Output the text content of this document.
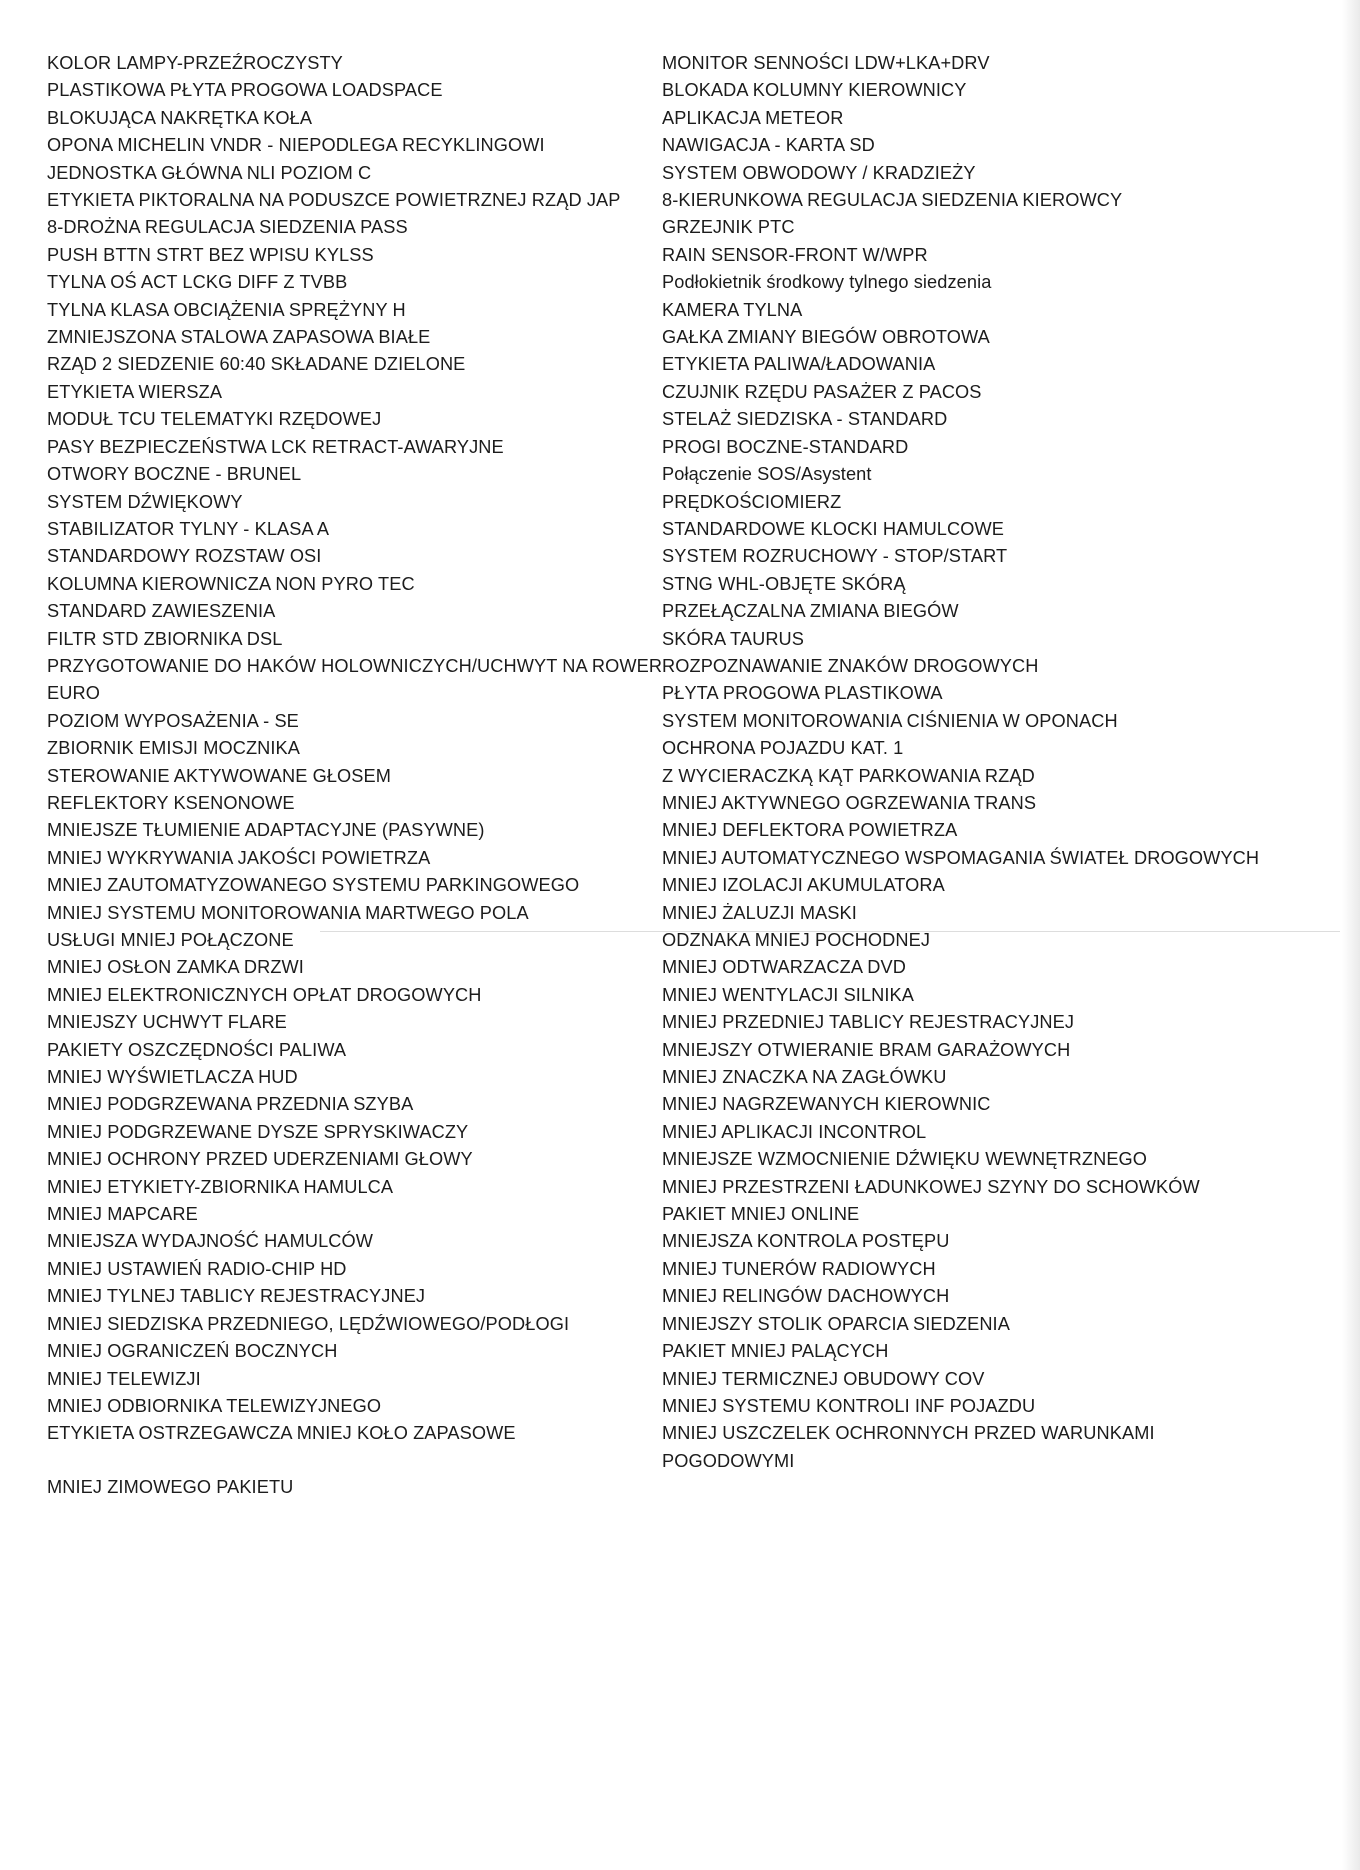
KOLOR LAMPY-PRZEŹROCZYSTY
PLASTIKOWA PŁYTA PROGOWA LOADSPACE
BLOKUJĄCA NAKRĘTKA KOŁA
OPONA MICHELIN VNDR - NIEPODLEGA RECYKLINGOWI
JEDNOSTKA GŁÓWNA NLI POZIOM C
ETYKIETA PIKTORALNA NA PODUSZCE POWIETRZNEJ RZĄD JAP
8-DROŻNA REGULACJA SIEDZENIA PASS
PUSH BTTN STRT BEZ WPISU KYLSS
TYLNA OŚ ACT LCKG DIFF Z TVBB
TYLNA KLASA OBCIĄŻENIA SPRĘŻYNY H
ZMNIEJSZONA STALOWA ZAPASOWA BIAŁE
RZĄD 2 SIEDZENIE 60:40 SKŁADANE DZIELONE
ETYKIETA WIERSZA
MODUŁ TCU TELEMATYKI RZĘDOWEJ
PASY BEZPIECZEŃSTWA LCK RETRACT-AWARYJNE
OTWORY BOCZNE - BRUNEL
SYSTEM DŹWIĘKOWY
STABILIZATOR TYLNY - KLASA A
STANDARDOWY ROZSTAW OSI
KOLUMNA KIEROWNICZA NON PYRO TEC
STANDARD ZAWIESZENIA
FILTR STD ZBIORNIKA DSL
PRZYGOTOWANIE DO HAKÓW HOLOWNICZYCH/UCHWYT NA ROWER
EURO
POZIOM WYPOSAŻENIA - SE
ZBIORNIK EMISJI MOCZNIKA
STEROWANIE AKTYWOWANE GŁOSEM
REFLEKTORY KSENONOWE
MNIEJSZE TŁUMIENIE ADAPTACYJNE (PASYWNE)
MNIEJ WYKRYWANIA JAKOŚCI POWIETRZA
MNIEJ ZAUTOMATYZOWANEGO SYSTEMU PARKINGOWEGO
MNIEJ SYSTEMU MONITOROWANIA MARTWEGO POLA
USŁUGI MNIEJ POŁĄCZONE
MNIEJ OSŁON ZAMKA DRZWI
MNIEJ ELEKTRONICZNYCH OPŁAT DROGOWYCH
MNIEJSZY UCHWYT FLARE
PAKIETY OSZCZĘDNOŚCI PALIWA
MNIEJ WYŚWIETLACZA HUD
MNIEJ PODGRZEWANA PRZEDNIA SZYBA
MNIEJ PODGRZEWANE DYSZE SPRYSKIWACZY
MNIEJ OCHRONY PRZED UDERZENIAMI GŁOWY
MNIEJ ETYKIETY-ZBIORNIKA HAMULCA
MNIEJ MAPCARE
MNIEJSZA WYDAJNOŚĆ HAMULCÓW
MNIEJ USTAWIEŃ RADIO-CHIP HD
MNIEJ TYLNEJ TABLICY REJESTRACYJNEJ
MNIEJ SIEDZISKA PRZEDNIEGO, LĘDŹWIOWEGO/PODŁOGI
MNIEJ OGRANICZEŃ BOCZNYCH
MNIEJ TELEWIZJI
MNIEJ ODBIORNIKA TELEWIZYJNEGO
ETYKIETA OSTRZEGAWCZA MNIEJ KOŁO ZAPASOWE
MNIEJ ZIMOWEGO PAKIETU
MONITOR SENNOŚCI LDW+LKA+DRV
BLOKADA KOLUMNY KIEROWNICY
APLIKACJA METEOR
NAWIGACJA - KARTA SD
SYSTEM OBWODOWY / KRADZIEŻY
8-KIERUNKOWA REGULACJA SIEDZENIA KIEROWCY
GRZEJNIK PTC
RAIN SENSOR-FRONT W/WPR
Podłokietnik środkowy tylnego siedzenia
KAMERA TYLNA
GAŁKA ZMIANY BIEGÓW OBROTOWA
ETYKIETA PALIWA/ŁADOWANIA
CZUJNIK RZĘDU PASAŻER Z PACOS
STELAŻ SIEDZISKA - STANDARD
PROGI BOCZNE-STANDARD
Połączenie SOS/Asystent
PRĘDKOŚCIOMIERZ
STANDARDOWE KLOCKI HAMULCOWE
SYSTEM ROZRUCHOWY - STOP/START
STNG WHL-OBJĘTE SKÓRĄ
PRZEŁĄCZALNA ZMIANA BIEGÓW
SKÓRA TAURUS
ROZPOZNAWANIE ZNAKÓW DROGOWYCH
PŁYTA PROGOWA PLASTIKOWA
SYSTEM MONITOROWANIA CIŚNIENIA W OPONACH
OCHRONA POJAZDU KAT. 1
Z WYCIERACZKĄ KĄT PARKOWANIA RZĄD
MNIEJ AKTYWNEGO OGRZEWANIA TRANS
MNIEJ DEFLEKTORA POWIETRZA
MNIEJ AUTOMATYCZNEGO WSPOMAGANIA ŚWIATEŁ DROGOWYCH
MNIEJ IZOLACJI AKUMULATORA
MNIEJ ŻALUZJI MASKI
ODZNAKA MNIEJ POCHODNEJ
MNIEJ ODTWARZACZA DVD
MNIEJ WENTYLACJI SILNIKA
MNIEJ PRZEDNIEJ TABLICY REJESTRACYJNEJ
MNIEJSZY OTWIERANIE BRAM GARAŻOWYCH
MNIEJ ZNACZKA NA ZAGŁÓWKU
MNIEJ NAGRZEWANYCH KIEROWNIC
MNIEJ APLIKACJI INCONTROL
MNIEJSZE WZMOCNIENIE DŹWIĘKU WEWNĘTRZNEGO
MNIEJ PRZESTRZENI ŁADUNKOWEJ SZYNY DO SCHOWKÓW
PAKIET MNIEJ ONLINE
MNIEJSZA KONTROLA POSTĘPU
MNIEJ TUNERÓW RADIOWYCH
MNIEJ RELINGÓW DACHOWYCH
MNIEJSZY STOLIK OPARCIA SIEDZENIA
PAKIET MNIEJ PALĄCYCH
MNIEJ TERMICZNEJ OBUDOWY COV
MNIEJ SYSTEMU KONTROLI INF POJAZDU
MNIEJ USZCZELEK OCHRONNYCH PRZED WARUNKAMI POGODOWYMI
